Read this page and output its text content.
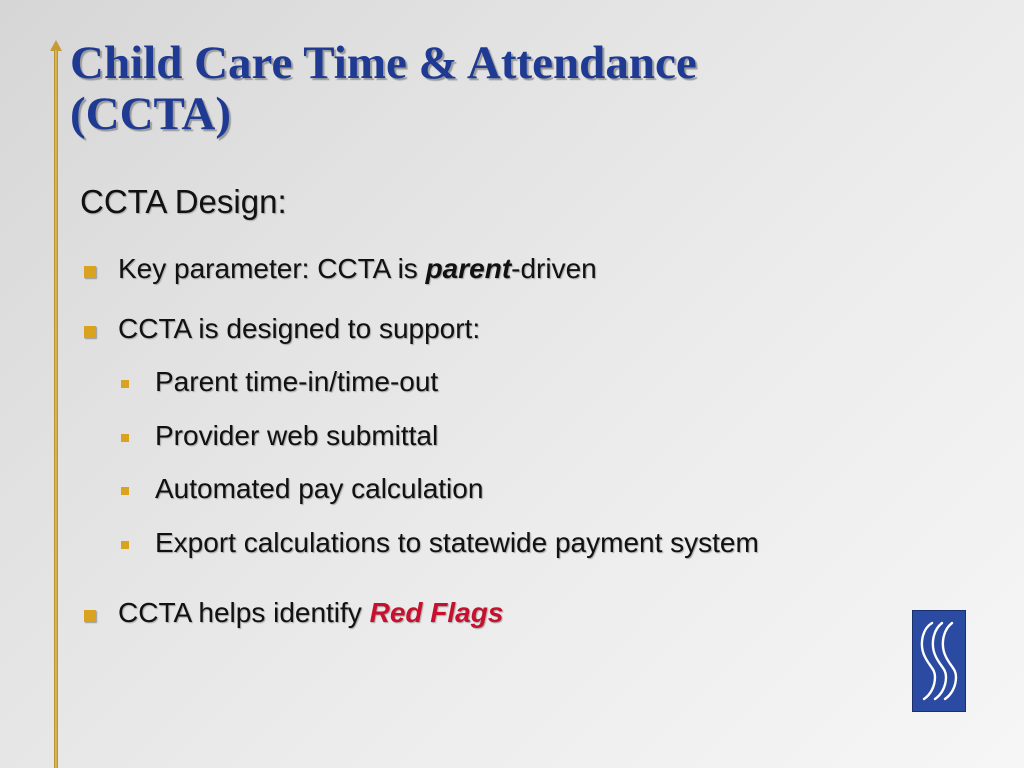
Child Care Time & Attendance
(CCTA)
CCTA Design:
Key parameter: CCTA is parent-driven
CCTA is designed to support:
Parent time-in/time-out
Provider web submittal
Automated pay calculation
Export calculations to statewide payment system
CCTA helps identify Red Flags
